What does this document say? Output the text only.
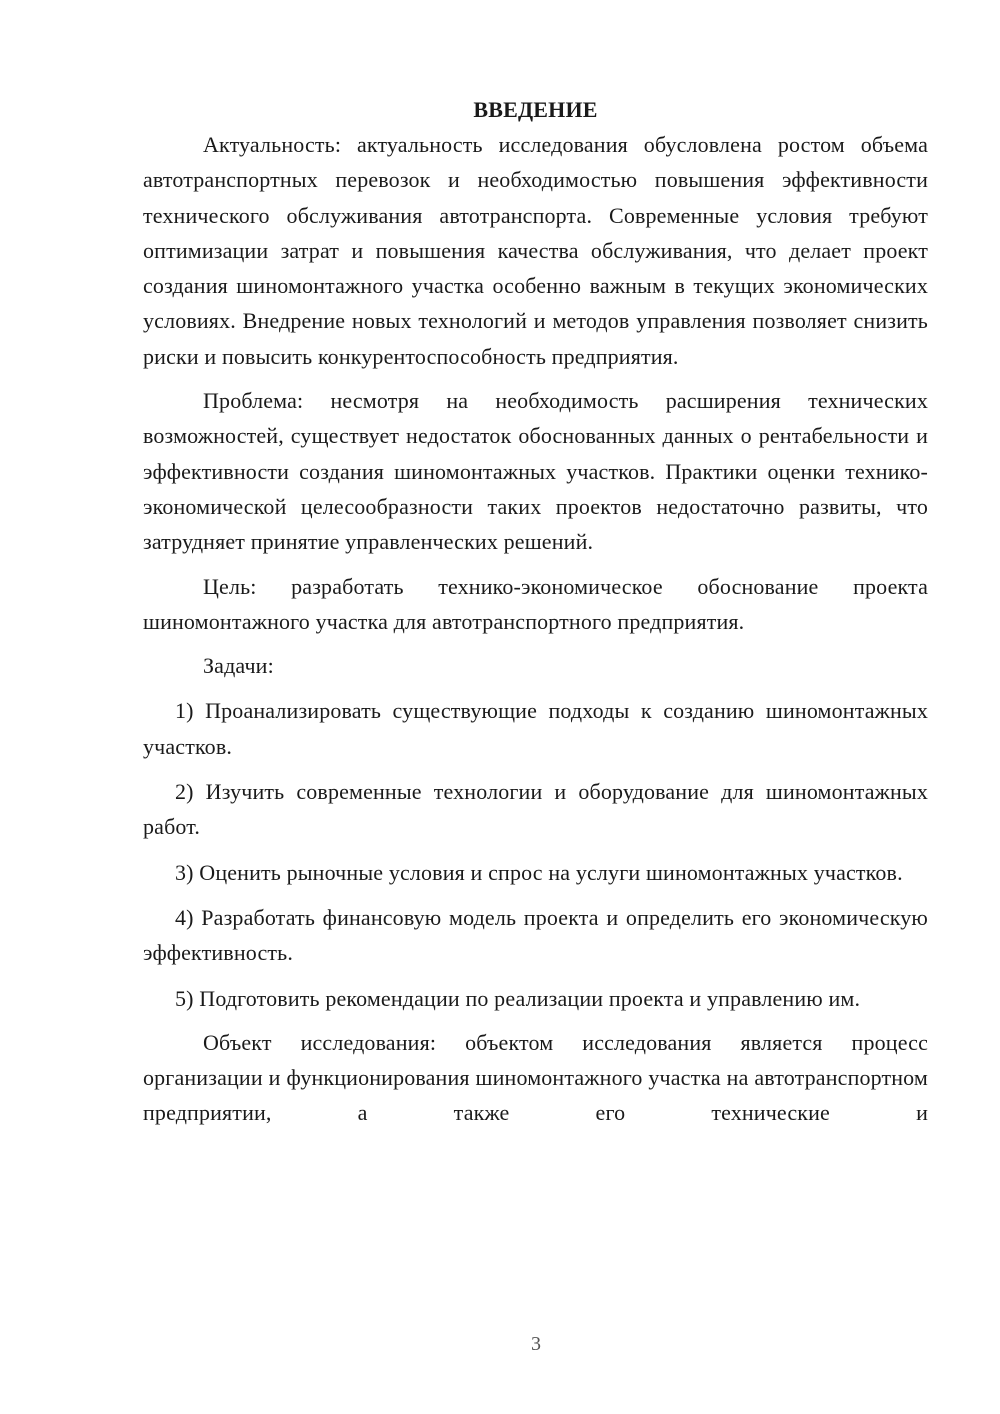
ВВЕДЕНИЕ

Актуальность: актуальность исследования обусловлена ростом объема автотранспортных перевозок и необходимостью повышения эффективности технического обслуживания автотранспорта. Современные условия требуют оптимизации затрат и повышения качества обслуживания, что делает проект создания шиномонтажного участка особенно важным в текущих экономических условиях. Внедрение новых технологий и методов управления позволяет снизить риски и повысить конкурентоспособность предприятия.

Проблема: несмотря на необходимость расширения технических возможностей, существует недостаток обоснованных данных о рентабельности и эффективности создания шиномонтажных участков. Практики оценки технико-экономической целесообразности таких проектов недостаточно развиты, что затрудняет принятие управленческих решений.

Цель: разработать технико-экономическое обоснование проекта шиномонтажного участка для автотранспортного предприятия.

Задачи:

1) Проанализировать существующие подходы к созданию шиномонтажных участков.

2) Изучить современные технологии и оборудование для шиномонтажных работ.

3) Оценить рыночные условия и спрос на услуги шиномонтажных участков.

4) Разработать финансовую модель проекта и определить его экономическую эффективность.

5) Подготовить рекомендации по реализации проекта и управлению им.

Объект исследования: объектом исследования является процесс организации и функционирования шиномонтажного участка на автотранспортном предприятии, а также его технические и

3
